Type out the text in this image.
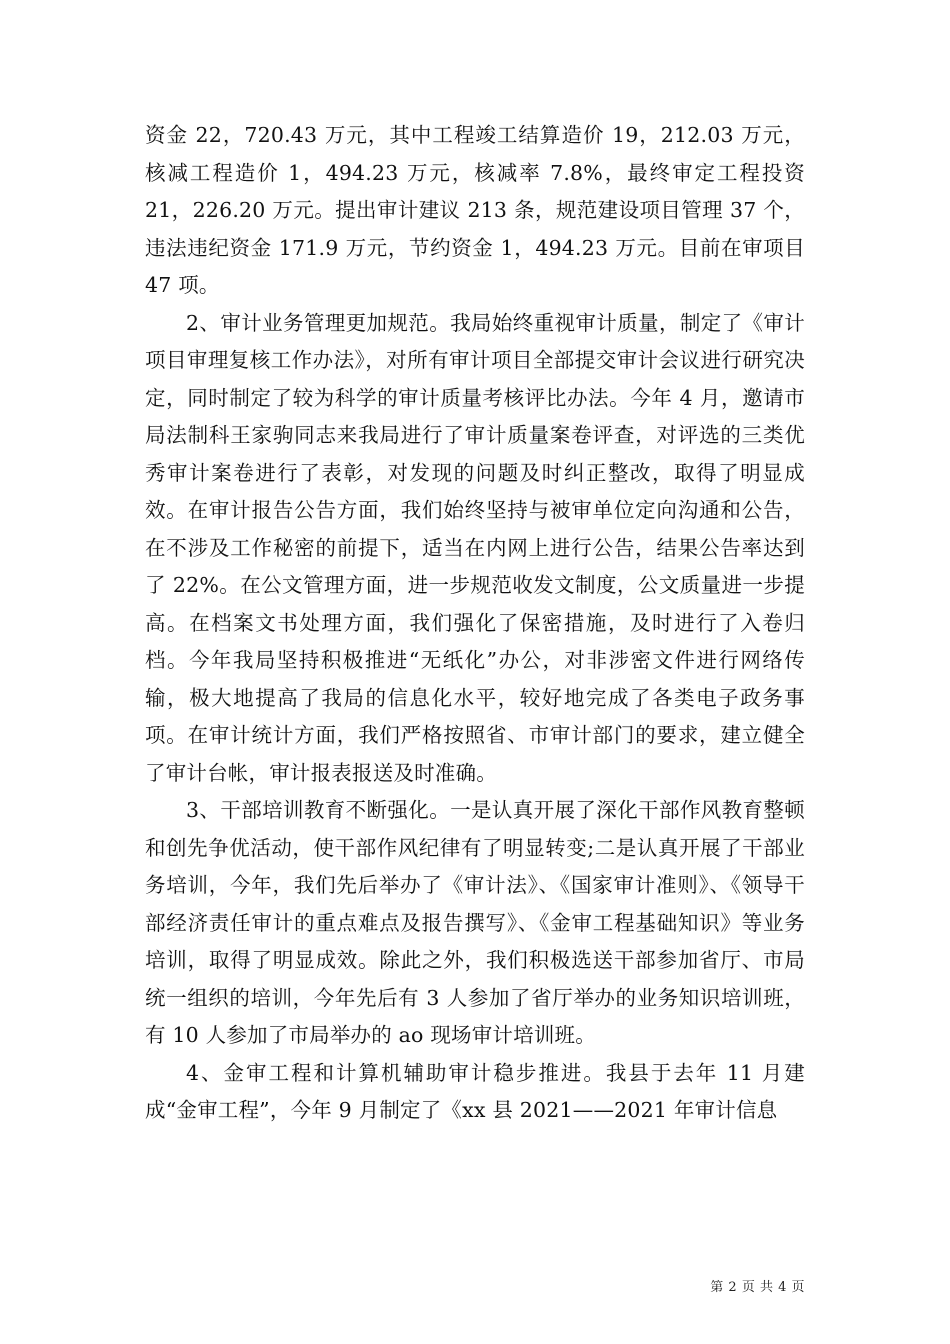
资金 22，720.43 万元，其中工程竣工结算造价 19，212.03 万元，核减工程造价 1，494.23 万元，核减率 7.8%，最终审定工程投资 21，226.20 万元。提出审计建议 213 条，规范建设项目管理 37 个，违法违纪资金 171.9 万元，节约资金 1，494.23 万元。目前在审项目 47 项。

2、审计业务管理更加规范。我局始终重视审计质量，制定了《审计项目审理复核工作办法》，对所有审计项目全部提交审计会议进行研究决定，同时制定了较为科学的审计质量考核评比办法。今年 4 月，邀请市局法制科王家驹同志来我局进行了审计质量案卷评查，对评选的三类优秀审计案卷进行了表彰，对发现的问题及时纠正整改，取得了明显成效。在审计报告公告方面，我们始终坚持与被审单位定向沟通和公告，在不涉及工作秘密的前提下，适当在内网上进行公告，结果公告率达到了 22%。在公文管理方面，进一步规范收发文制度，公文质量进一步提高。在档案文书处理方面，我们强化了保密措施，及时进行了入卷归档。今年我局坚持积极推进“无纸化”办公，对非涉密文件进行网络传输，极大地提高了我局的信息化水平，较好地完成了各类电子政务事项。在审计统计方面，我们严格按照省、市审计部门的要求，建立健全了审计台帐，审计报表报送及时准确。

3、干部培训教育不断强化。一是认真开展了深化干部作风教育整顿和创先争优活动，使干部作风纪律有了明显转变;二是认真开展了干部业务培训，今年，我们先后举办了《审计法》、《国家审计准则》、《领导干部经济责任审计的重点难点及报告撰写》、《金审工程基础知识》等业务培训，取得了明显成效。除此之外，我们积极选送干部参加省厅、市局统一组织的培训，今年先后有 3 人参加了省厅举办的业务知识培训班，有 10 人参加了市局举办的 ao 现场审计培训班。

4、金审工程和计算机辅助审计稳步推进。我县于去年 11 月建成“金审工程”，今年 9 月制定了《xx 县 2021——2021 年审计信息

第 2 页 共 4 页
